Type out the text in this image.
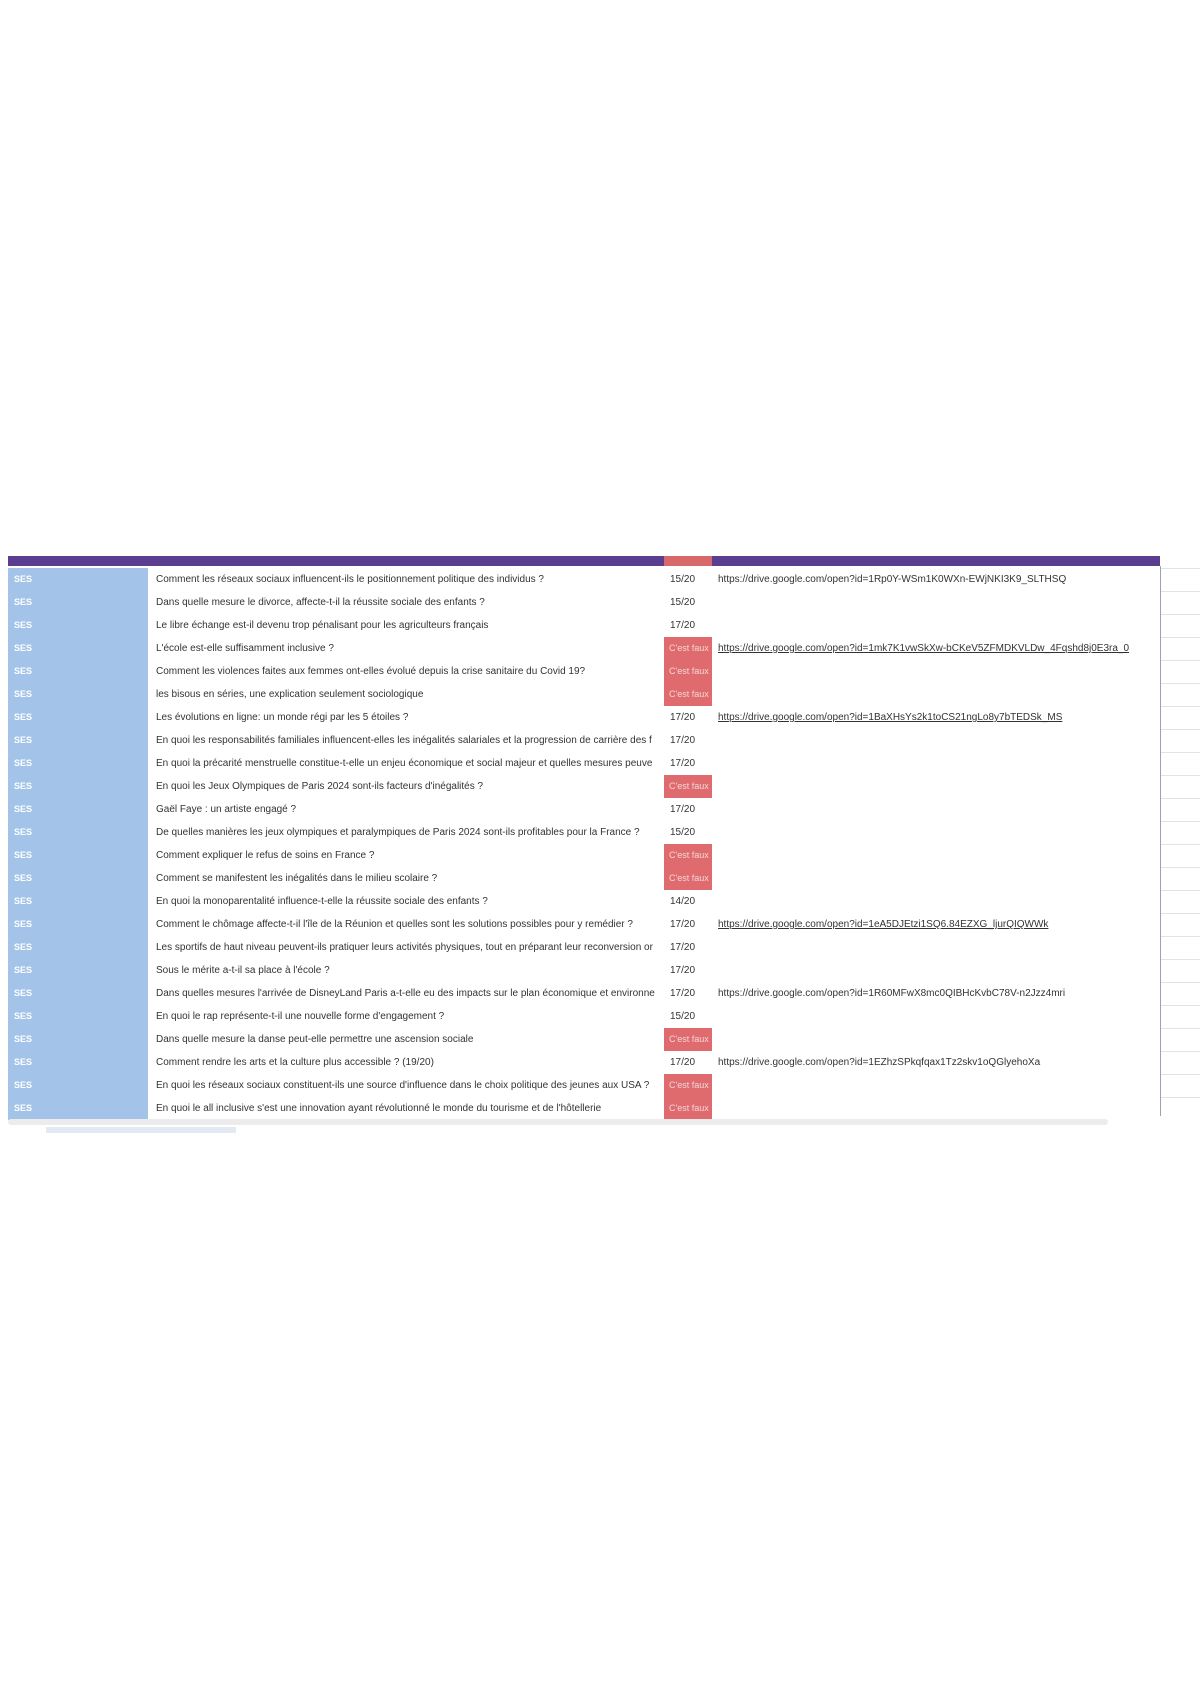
SES	Comment les réseaux sociaux influencent-ils le positionnement politique des individus ?	15/20	https://drive.google.com/open?id=1Rp0Y-WSm1K0WXn-EWjNKI3K9_SLTHSQ
SES	Dans quelle mesure le divorce, affecte-t-il la réussite sociale des enfants ?	15/20
SES	Le libre échange est-il devenu trop pénalisant pour les agriculteurs français	17/20
SES	L'école est-elle suffisamment inclusive ?	C'est faux https://drive.google.com/open?id=1mk7K1vwSkXw-bCKeV5ZFMDKVLDw_4Fqshd8j0E3ra_0
SES	Comment les violences faites aux femmes ont-elles évolué depuis la crise sanitaire du Covid 19?	C'est faux
SES	les bisous en séries, une explication seulement sociologique	C'est faux
SES	Les évolutions en ligne: un monde régi par les 5 étoiles ?	17/20	https://drive.google.com/open?id=1BaXHsYs2k1toCS21ngLo8y7bTEDSk_MS
SES	En quoi les responsabilités familiales influencent-elles les inégalités salariales et la progression de carrière des f	17/20
SES	En quoi la précarité menstruelle constitue-t-elle un enjeu économique et social majeur et quelles mesures peuve	17/20
SES	En quoi les Jeux Olympiques de Paris 2024 sont-ils facteurs d'inégalités ?	C'est faux
SES	Gaël Faye : un artiste engagé ?	17/20
SES	De quelles manières les jeux olympiques et paralympiques de Paris 2024 sont-ils profitables pour la France ?	15/20
SES	Comment expliquer le refus de soins en France ?	C'est faux
SES	Comment se manifestent les inégalités dans le milieu scolaire ?	C'est faux
SES	En quoi la monoparentalité influence-t-elle la réussite sociale des enfants ?	14/20
SES	Comment le chômage affecte-t-il l'île de la Réunion et quelles sont les solutions possibles pour y remédier ?	17/20	https://drive.google.com/open?id=1eA5DJEtzi1SQ6.84EZXG_ljurQIQWWk
SES	Les sportifs de haut niveau peuvent-ils pratiquer leurs activités physiques, tout en préparant leur reconversion or	17/20
SES	Sous le mérite a-t-il sa place à l'école ?	17/20
SES	Dans quelles mesures l'arrivée de DisneyLand Paris a-t-elle eu des impacts sur le plan économique et environne	17/20	https://drive.google.com/open?id=1R60MFwX8mc0QIBHcKvbC78V-n2Jzz4mri
SES	En quoi le rap représente-t-il une nouvelle forme d'engagement ?	15/20
SES	Dans quelle mesure la danse peut-elle permettre une ascension sociale	C'est faux
SES	Comment rendre les arts et la culture plus accessible ? (19/20)	17/20	https://drive.google.com/open?id=1EZhzSPkqfqax1Tz2skv1oQGlyehoXa
SES	En quoi les réseaux sociaux constituent-ils une source d'influence dans le choix politique des jeunes aux USA ?	C'est faux
SES	En quoi le all inclusive s'est une innovation ayant révolutionné le monde du tourisme et de l'hôtellerie	C'est faux
